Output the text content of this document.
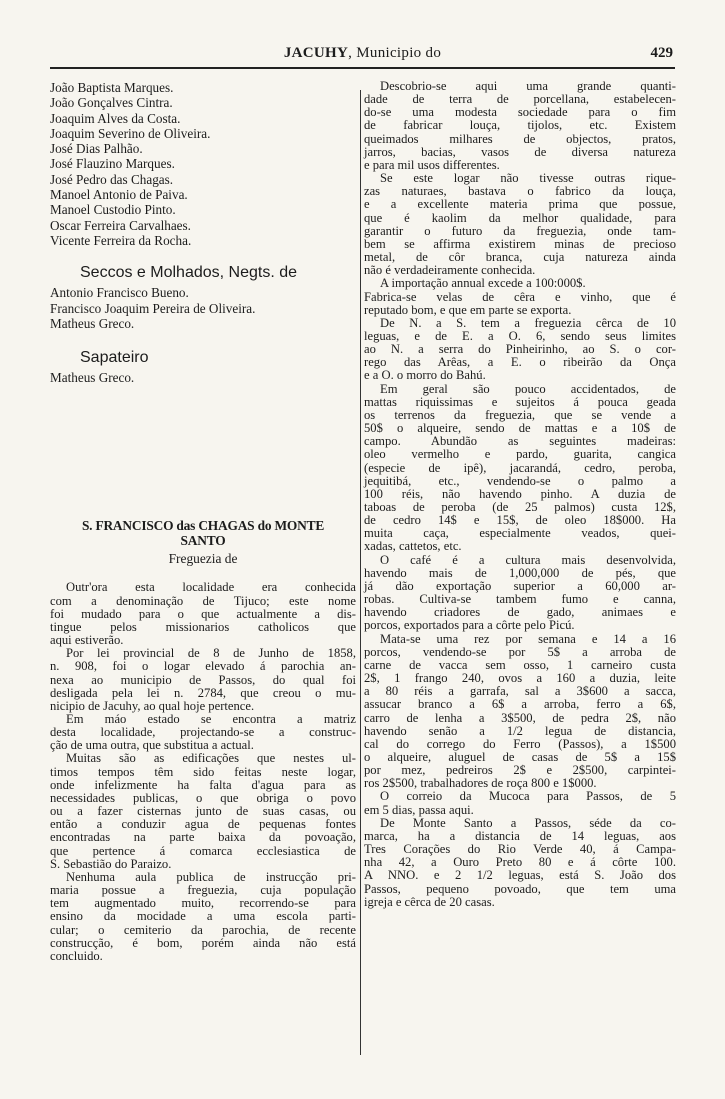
JACUHY, Municipio do	429

João Baptista Marques.

João Gonçalves Cintra.

Joaquim Alves da Costa.

Joaquim Severino de Oliveira.

José Dias Palhão.

José Flauzino Marques.

José Pedro das Chagas.

Manoel Antonio de Paiva.

Manoel Custodio Pinto.

Oscar Ferreira Carvalhaes.

Vicente Ferreira da Rocha.

Seccos e Molhados, Negts. de

Antonio Francisco Bueno.

Francisco Joaquim Pereira de Oliveira.

Matheus Greco.

Sapateiro

Matheus Greco.

S. FRANCISCO das CHAGAS do MONTE

SANTO

Freguezia de

Outr'ora esta localidade era conhecida

com a denominação de Tijuco; este nome

foi mudado para o que actualmente a dis-

tingue pelos missionarios catholicos que

aqui estiverão.

Por lei provincial de 8 de Junho de 1858,

n. 908, foi o logar elevado á parochia an-

nexa ao municipio de Passos, do qual foi

desligada pela lei n. 2784, que creou o mu-

nicipio de Jacuhy, ao qual hoje pertence.

Em máo estado se encontra a matriz

desta localidade, projectando-se a construc-

ção de uma outra, que substitua a actual.

Muitas são as edificações que nestes ul-

timos tempos têm sido feitas neste logar,

onde infelizmente ha falta d'agua para as

necessidades publicas, o que obriga o povo

ou a fazer cisternas junto de suas casas, ou

então a conduzir agua de pequenas fontes

encontradas na parte baixa da povoação,

que pertence á comarca ecclesiastica de

S. Sebastião do Paraizo.

Nenhuma aula publica de instrucção pri-

maria possue a freguezia, cuja população

tem augmentado muito, recorrendo-se para

ensino da mocidade a uma escola parti-

cular; o cemiterio da parochia, de recente

construcção, é bom, porém ainda não está

concluido.

Descobrio-se aqui uma grande quanti-

dade de terra de porcellana, estabelecen-

do-se uma modesta sociedade para o fim

de fabricar louça, tijolos, etc. Existem

queimados milhares de objectos, pratos,

jarros, bacias, vasos de diversa natureza

e para mil usos differentes.

Se este logar não tivesse outras rique-

zas naturaes, bastava o fabrico da louça,

e a excellente materia prima que possue,

que é kaolim da melhor qualidade, para

garantir o futuro da freguezia, onde tam-

bem se affirma existirem minas de precioso

metal, de côr branca, cuja natureza ainda

não é verdadeiramente conhecida.

A importação annual excede a 100:000$.

Fabrica-se velas de cêra e vinho, que é

reputado bom, e que em parte se exporta.

De N. a S. tem a freguezia cêrca de 10

leguas, e de E. a O. 6, sendo seus limites

ao N. a serra do Pinheirinho, ao S. o cor-

rego das Arêas, a E. o ribeirão da Onça

e a O. o morro do Bahú.

Em geral são pouco accidentados, de

mattas riquissimas e sujeitos á pouca geada

os terrenos da freguezia, que se vende a

50$ o alqueire, sendo de mattas e a 10$ de

campo. Abundão as seguintes madeiras:

oleo vermelho e pardo, guarita, cangica

(especie de ipê), jacarandá, cedro, peroba,

jequitibá, etc., vendendo-se o palmo a

100 réis, não havendo pinho. A duzia de

taboas de peroba (de 25 palmos) custa 12$,

de cedro 14$ e 15$, de oleo 18$000. Ha

muita caça, especialmente veados, quei-

xadas, cattetos, etc.

O café é a cultura mais desenvolvida,

havendo mais de 1,000,000 de pés, que

já dão exportação superior a 60,000 ar-

robas. Cultiva-se tambem fumo e canna,

havendo criadores de gado, animaes e

porcos, exportados para a côrte pelo Picú.

Mata-se uma rez por semana e 14 a 16

porcos, vendendo-se por 5$ a arroba de

carne de vacca sem osso, 1 carneiro custa

2$, 1 frango 240, ovos a 160 a duzia, leite

a 80 réis a garrafa, sal a 3$600 a sacca,

assucar branco a 6$ a arroba, ferro a 6$,

carro de lenha a 3$500, de pedra 2$, não

havendo senão a 1/2 legua de distancia,

cal do corrego do Ferro (Passos), a 1$500

o alqueire, aluguel de casas de 5$ a 15$

por mez, pedreiros 2$ e 2$500, carpintei-

ros 2$500, trabalhadores de roça 800 e 1$000.

O correio da Mucoca para Passos, de 5

em 5 dias, passa aqui.

De Monte Santo a Passos, séde da co-

marca, ha a distancia de 14 leguas, aos

Tres Corações do Rio Verde 40, á Campa-

nha 42, a Ouro Preto 80 e á côrte 100.

A NNO. e 2 1/2 leguas, está S. João dos

Passos, pequeno povoado, que tem uma

igreja e cêrca de 20 casas.
